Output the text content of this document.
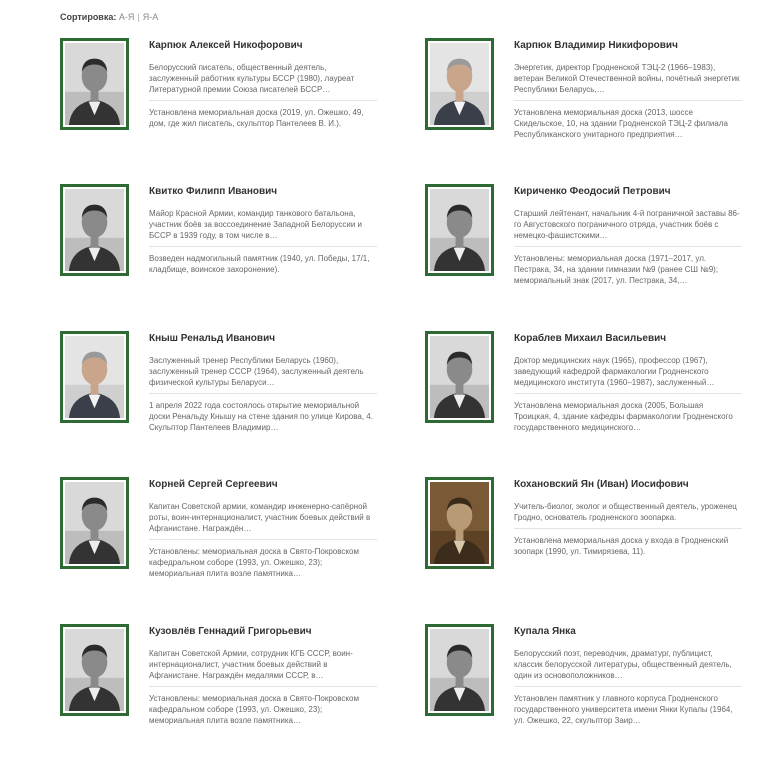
Сортировка: А-Я | Я-А
Карпюк Алексей Никофорович

Белорусский писатель, общественный деятель, заслуженный работник культуры БССР (1980), лауреат Литературной премии Союза писателей БССР…

Установлена мемориальная доска (2019, ул. Ожешко, 49, дом, где жил писатель, скульптор Пантелеев В. И.).

Карпюк Владимир Никифорович

Энергетик, директор Гродненской ТЭЦ-2 (1966–1983), ветеран Великой Отечественной войны, почётный энергетик Республики Беларусь,…

Установлена мемориальная доска (2013, шоссе Скидельское, 10, на здании Гродненской ТЭЦ-2 филиала Республиканского унитарного предприятия…

Квитко Филипп Иванович

Майор Красной Армии, командир танкового батальона, участник боёв за воссоединение Западной Белоруссии и БССР в 1939 году, в том числе в…

Возведен надмогильный памятник (1940, ул. Победы, 17/1, кладбище, воинское захоронение).

Кириченко Феодосий Петрович

Старший лейтенант, начальник 4-й пограничной заставы 86-го Августовского пограничного отряда, участник боёв с немецко-фашистскими…

Установлены: мемориальная доска (1971–2017, ул. Пестрака, 34, на здании гимназии №9 (ранее СШ №9); мемориальный знак (2017, ул. Пестрака, 34,…

Кныш Ренальд Иванович

Заслуженный тренер Республики Беларусь (1960), заслуженный тренер СССР (1964), заслуженный деятель физической культуры Беларуси…

1 апреля 2022 года состоялось открытие мемориальной доски Ренальду Кнышу на стене здания по улице Кирова, 4. Скульптор Пантелеев Владимир…

Кораблев Михаил Васильевич

Доктор медицинских наук (1965), профессор (1967), заведующий кафедрой фармакологии Гродненского медицинского института (1960–1987), заслуженный…

Установлена мемориальная доска (2005, Большая Троицкая, 4, здание кафедры фармакологии Гродненского государственного медицинского…

Корней Сергей Сергеевич

Капитан Советской армии, командир инженерно-сапёрной роты, воин-интернационалист, участник боевых действий в Афганистане. Награждён…

Установлены: мемориальная доска в Свято-Покровском кафедральном соборе (1993, ул. Ожешко, 23); мемориальная плита возле памятника…

Кохановский Ян (Иван) Иосифович

Учитель-биолог, эколог и общественный деятель, уроженец Гродно, основатель гродненского зоопарка.

Установлена мемориальная доска у входа в Гродненский зоопарк (1990, ул. Тимирязева, 11).

Кузовлёв Геннадий Григорьевич

Капитан Советской Армии, сотрудник КГБ СССР, воин-интернационалист, участник боевых действий в Афганистане. Награждён медалями СССР, в…

Установлены: мемориальная доска в Свято-Покровском кафедральном соборе (1993, ул. Ожешко, 23); мемориальная плита возле памятника…

Купала Янка

Белорусский поэт, переводчик, драматург, публицист, классик белорусской литературы, общественный деятель, один из основоположников…

Установлен памятник у главного корпуса Гродненского государственного университета имени Янки Купалы (1964, ул. Ожешко, 22, скульптор Заир…
